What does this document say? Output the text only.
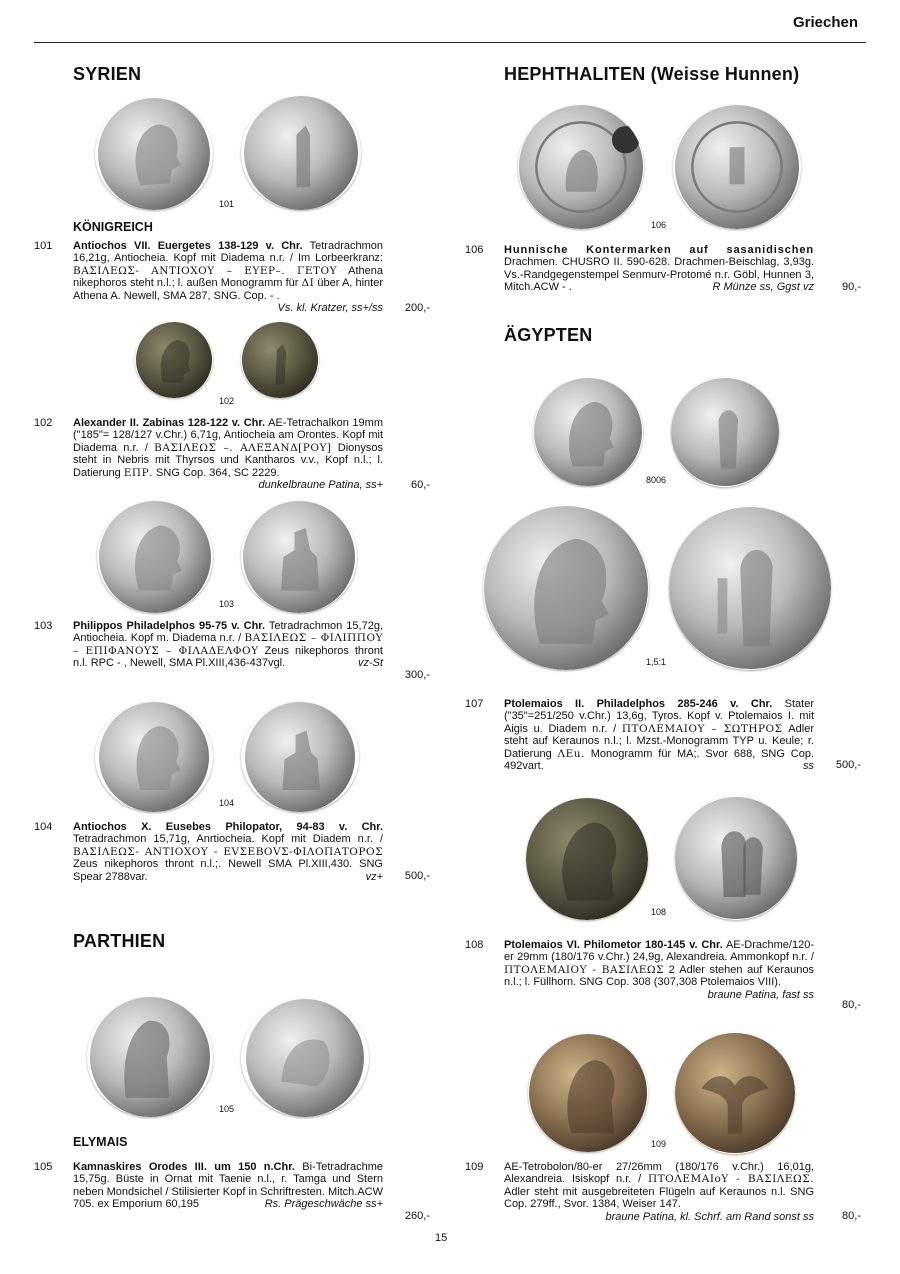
Griechen
SYRIEN
101
KÖNIGREICH
101 Antiochos VII. Euergetes 138-129 v. Chr. Tetradrachmon 16,21g, Antiocheia. Kopf mit Diadema n.r. / Im Lorbeerkranz: ΒΑΣΙΛΕΩΣ- ΑΝΤΙΟΧΟΥ – ΕΥΕΡ–. ΓΕΤΟΥ Athena nikephoros steht n.l.; l. außen Monogramm für ΔΙ über A, hinter Athena A. Newell, SMA 287, SNG. Cop. - .
Vs. kl. Kratzer, ss+/ss	200,-
102
102 Alexander II. Zabinas 128-122 v. Chr. AE-Tetrachalkon 19mm ("185"= 128/127 v.Chr.) 6,71g, Antiocheia am Orontes. Kopf mit Diadema n.r. / ΒΑΣΙΛΕΩΣ –. ΑΛΕΞΑΝΔ[ΡΟΥ] Dionysos steht in Nebris mit Thyrsos und Kantharos v.v., Kopf n.l.; l. Datierung ΕΠΡ. SNG Cop. 364, SC 2229.
dunkelbraune Patina, ss+	60,-
103
103 Philippos Philadelphos 95-75 v. Chr. Tetradrachmon 15,72g, Antiocheia. Kopf m. Diadema n.r. / ΒΑΣΙΛΕΩΣ – ΦΙΛΙΠΠΟΥ – ΕΠΙΦΑΝΟΥΣ – ΦΙΛΑΔΕΛΦΟΥ Zeus nikephoros thront n.l. RPC - , Newell, SMA Pl.XIII,436-437vgl.	vz-St
300,-
104
104 Antiochos X. Eusebes Philopator, 94-83 v. Chr. Tetradrachmon 15,71g, Anrtiocheia. Kopf mit Diadem n.r. / ΒΑΣΙΛΕΩΣ- ΑΝΤΙΟΧΟΥ - ΕVΣΕΒΟVΣ-ΦΙΛΟΠΑΤΟΡΟΣ Zeus nikephoros thront n.l.;. Newell SMA Pl.XIII,430. SNG Spear 2788var.	vz+	500,-
PARTHIEN
105
ELYMAIS
105 Kamnaskires Orodes III. um 150 n.Chr. Bi-Tetradrachme 15,75g. Büste in Ornat mit Taenie n.l., r. Tamga und Stern neben Mondsichel / Stilisierter Kopf in Schriftresten. Mitch.ACW 705. ex Emporium 60,195	Rs. Prägeschwäche ss+
260,-
HEPHTHALITEN (Weisse Hunnen)
106
106 Hunnische Kontermarken auf sasanidischen Drachmen. CHUSRO II. 590-628. Drachmen-Beischlag, 3,93g. Vs.-Randgegenstempel Senmurv-Protomé n.r. Göbl, Hunnen 3, Mitch.ACW - .	R Münze ss, Ggst vz	90,-
ÄGYPTEN
8006
1,5:1
107 Ptolemaios II. Philadelphos 285-246 v. Chr. Stater ("35"=251/250 v.Chr.) 13,6g, Tyros. Kopf v. Ptolemaios I. mit Aigis u. Diadem n.r. / ΠΤΟΛΕΜΑΙΟΥ – ΣΩΤΗΡΟΣ Adler steht auf Keraunos n.l.; l. Mzst.-Monogramm TYP u. Keule; r. Datierung ΛΕu. Monogramm für MA;. Svor 688, SNG Cop. 492vart.	ss	500,-
108
108 Ptolemaios VI. Philometor 180-145 v. Chr. AE-Drachme/120-er 29mm (180/176 v.Chr.) 24,9g, Alexandreia. Ammonkopf n.r. / ΠΤΟΛΕΜΑΙΟΥ - ΒΑΣΙΛΕΩΣ 2 Adler stehen auf Keraunos n.l.; l. Füllhorn. SNG Cop. 308 (307,308 Ptolemaios VIII).
braune Patina, fast ss
80,-
109
109 AE-Tetrobolon/80-er 27/26mm (180/176 v.Chr.) 16,01g, Alexandreia. Isiskopf n.r. / ΠΤΟΛΕΜΑΙοΥ - ΒΑΣΙΛΕΩΣ. Adler steht mit ausgebreiteten Flügeln auf Keraunos n.l. SNG Cop. 279ff., Svor. 1384, Weiser 147.
braune Patina, kl. Schrf. am Rand sonst ss	80,-
15
